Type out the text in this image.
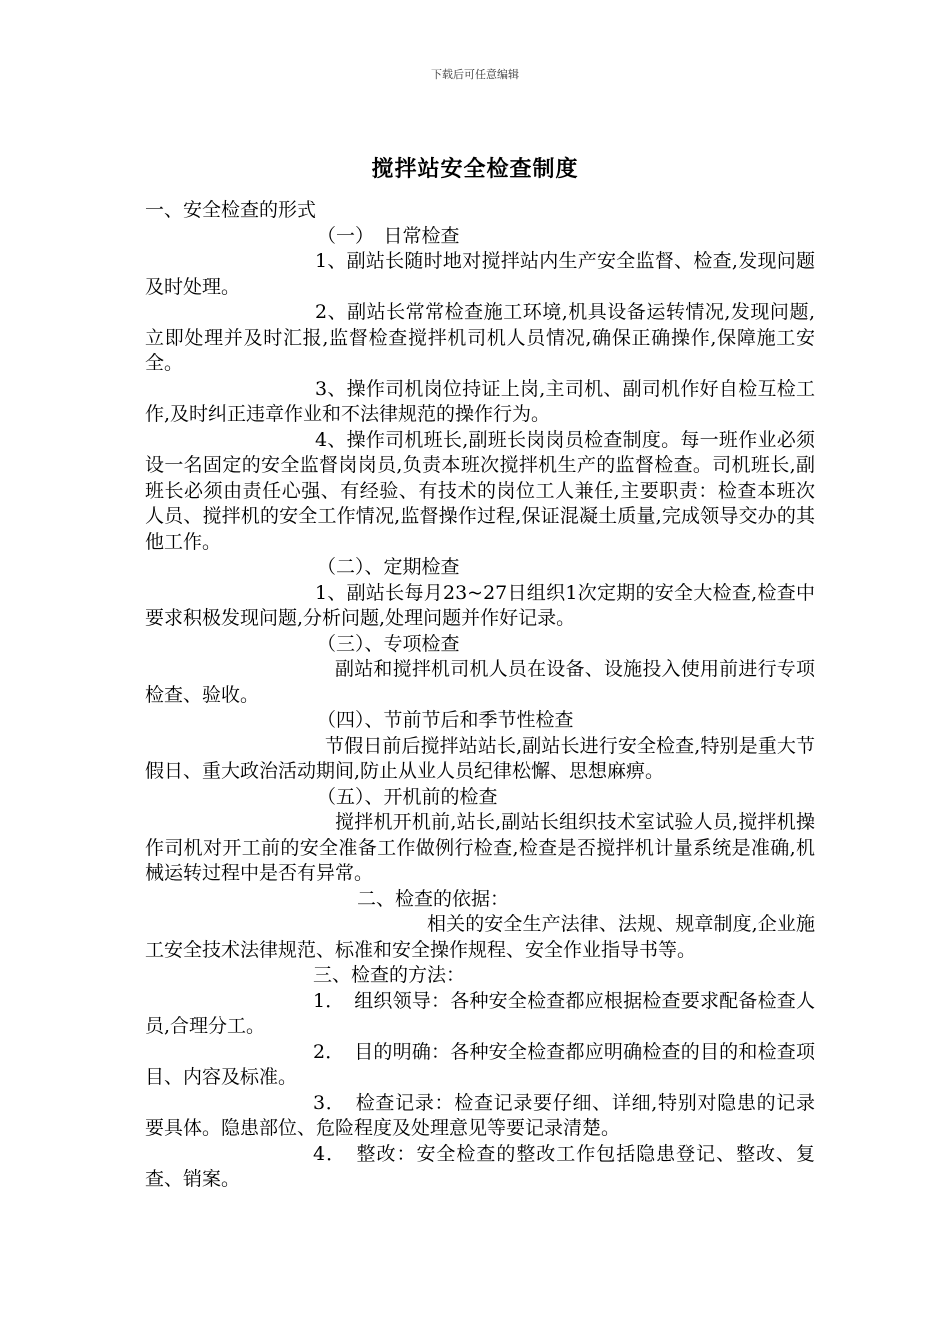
下载后可任意编辑
搅拌站安全检查制度

一、安全检查的形式

（一）　日常检查

1、副站长随时地对搅拌站内生产安全监督、检查,发现问题及时处理。

2、副站长常常检查施工环境,机具设备运转情况,发现问题,立即处理并及时汇报,监督检查搅拌机司机人员情况,确保正确操作,保障施工安全。

3、操作司机岗位持证上岗,主司机、副司机作好自检互检工作,及时纠正违章作业和不法律规范的操作行为。

4、操作司机班长,副班长岗岗员检查制度。每一班作业必须设一名固定的安全监督岗岗员,负责本班次搅拌机生产的监督检查。司机班长,副班长必须由责任心强、有经验、有技术的岗位工人兼任,主要职责：检查本班次人员、搅拌机的安全工作情况,监督操作过程,保证混凝土质量,完成领导交办的其他工作。

（二）、定期检查

1、副站长每月23~27日组织1次定期的安全大检查,检查中要求积极发现问题,分析问题,处理问题并作好记录。

（三）、专项检查

副站和搅拌机司机人员在设备、设施投入使用前进行专项检查、验收。

（四）、节前节后和季节性检查

节假日前后搅拌站站长,副站长进行安全检查,特别是重大节假日、重大政治活动期间,防止从业人员纪律松懈、思想麻痹。

（五）、开机前的检查

搅拌机开机前,站长,副站长组织技术室试验人员,搅拌机操作司机对开工前的安全准备工作做例行检查,检查是否搅拌机计量系统是准确,机械运转过程中是否有异常。

二、检查的依据：

相关的安全生产法律、法规、规章制度,企业施工安全技术法律规范、标准和安全操作规程、安全作业指导书等。

三、检查的方法：

1．　组织领导：各种安全检查都应根据检查要求配备检查人员,合理分工。

2．　目的明确：各种安全检查都应明确检查的目的和检查项目、内容及标准。

3．　检查记录：检查记录要仔细、详细,特别对隐患的记录要具体。隐患部位、危险程度及处理意见等要记录清楚。

4．　整改：安全检查的整改工作包括隐患登记、整改、复查、销案。
